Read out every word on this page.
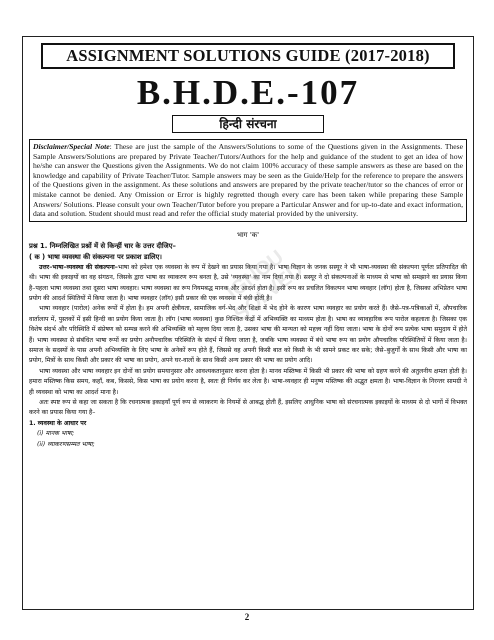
ASSIGNMENT SOLUTIONS GUIDE (2017-2018)
B.H.D.E.-107
हिन्दी संरचना
Disclaimer/Special Note: These are just the sample of the Answers/Solutions to some of the Questions given in the Assignments. These Sample Answers/Solutions are prepared by Private Teacher/Tutors/Authors for the help and guidance of the student to get an idea of how he/she can answer the Questions given the Assignments. We do not claim 100% accuracy of these sample answers as these are based on the knowledge and capability of Private Teacher/Tutor. Sample answers may be seen as the Guide/Help for the reference to prepare the answers of the Questions given in the assignment. As these solutions and answers are prepared by the private teacher/tutor so the chances of error or mistake cannot be denied. Any Omission or Error is highly regretted though every care has been taken while preparing these Sample Answers/ Solutions. Please consult your own Teacher/Tutor before you prepare a Particular Answer and for up-to-date and exact information, data and solution. Student should must read and refer the official study material provided by the university.
IGNOU SOLVED
भाग 'क'

प्रश्न 1. निम्नलिखित प्रश्नों में से किन्हीं चार के उत्तर दीजिए–

( क ) भाषा व्यवस्था की संकल्पना पर प्रकाश डालिए।

उत्तर–भाषा–व्यवस्था की संकल्पना–भाषा को हमेशा एक व्यवस्था के रूप में देखने का प्रयास किया गया है। भाषा विज्ञान के जनक सस्यूर ने भी भाषा-व्यवस्था की संकल्पना पूर्णतः प्रतिपादित की थी। भाषा की इकाइयों का वह संगठन, जिसके द्वारा भाषा का व्याकरण रूप बनता है, उसे 'व्यवस्था' का नाम दिया गया है। सस्यूर ने दो संकल्पनाओं के माध्यम से भाषा को समझाने का प्रयास किया है–पहला भाषा व्यवस्था तथा दूसरा भाषा व्यवहार। भाषा व्यवस्था का रूप नियमबद्ध मानक और आदर्श होता है। इसी रूप का प्रचलित विकल्पन भाषा व्यवहार (लॉग) होता है, जिसका अभिप्रेतन भाषा प्रयोग की आदर्श स्थितियों में किया जाता है। भाषा व्यवहार (लॉग) इसी प्रकार की एक व्यवस्था में बंधी होती है।

भाषा व्यवहार (पारोल) अनेक रूपों में होता है। हम अपनी क्षेत्रीयता, सामाजिक वर्ग-भेद और शिक्षा में भेद होने के कारण भाषा व्यवहार का प्रयोग करते हैं। जैसे–पत्र-पत्रिकाओं में, औपचारिक वार्तालाप में, पुस्तकों में इसी हिन्दी का प्रयोग किया जाता है। लॉग (भाषा व्यवस्था) कुछ निश्चित केंद्रों में अभिव्यक्ति का माध्यम होता है। भाषा का व्यावहारिक रूप पारोल कहलाता है। जिसका एक विशेष संदर्भ और परिस्थिति में संप्रेषण को सम्पन्न करने की अभिव्यक्ति को महत्त्व दिया जाता है, उसका भाषा की मान्यता को महत्त्व नहीं दिया जाता। भाषा के दोनों रूप प्रत्येक भाषा समुदाय में होते हैं। भाषा व्यवस्था से संबंधित भाषा रूपों का प्रयोग अनौपचारिक परिस्थिति के संदर्भ में किया जाता है, जबकि भाषा व्यवस्था में बंधे भाषा रूप का प्रयोग औपचारिक परिस्थितियों में किया जाता है। समाज के सदस्यों के पास अपनी अभिव्यक्ति के लिए भाषा के अनेकों रूप होते हैं, जिससे वह अपनी किसी बात को किसी के भी सामने प्रकट कर सके; जैसे–बुजुर्गों के साथ किसी और भाषा का प्रयोग, मित्रों के साथ किसी और प्रकार की भाषा का प्रयोग, अपने घर-वालों के साथ किसी अन्य प्रकार की भाषा का प्रयोग आदि।

भाषा व्यवस्था और भाषा व्यवहार इन दोनों का प्रयोग समयानुसार और आवश्यकतानुसार करना होता है। मानव मस्तिष्क में किसी भी प्रकार की भाषा को ग्रहण करने की अतुलनीय क्षमता होती है। हमारा मस्तिष्क किस समय, कहाँ, कब, किससे, किस भाषा का प्रयोग करना है, स्वतः ही निर्णय कर लेता है। भाषा-व्यवहार ही मनुष्य मस्तिष्क की अद्भुत क्षमता है। भाषा-विज्ञान के निरन्तर सामग्री ने ही व्यवस्था को भाषा का आदर्श माना है।

अतः स्पष्ट रूप से कहा जा सकता है कि रचनात्मक इकाइयाँ पूर्ण रूप से व्याकरण के नियमों से आबद्ध होती हैं, इसलिए आधुनिक भाषा को संरचनात्मक इकाइयों के माध्यम से दो भागों में विभक्त करने का प्रयास किया गया है–

1. व्यवस्था के आधार पर

(i) मानक भाषा;

(ii) व्याकरणसम्मत भाषा;

2
